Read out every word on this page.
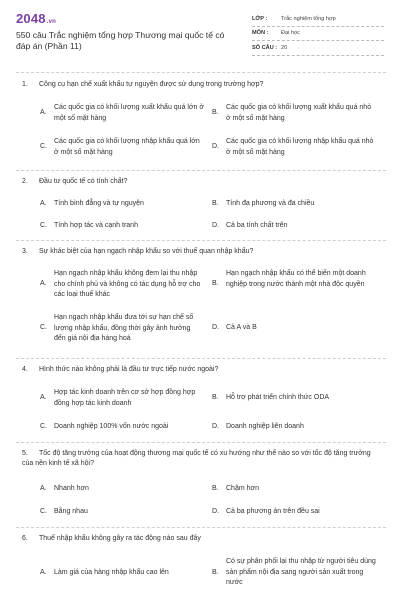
2048.vn
550 câu Trắc nghiệm tổng hợp Thương mại quốc tế có đáp án (Phần 11)
LỚP :	Trắc nghiệm tổng hợp
MÔN :	Đại học
SỐ CÂU : 20
1. Công cụ hạn chế xuất khẩu tự nguyện được sử dụng trong trường hợp?
A.
Các quốc gia có khối lượng xuất khẩu quá lớn ở một số mặt hàng
B.
Các quốc gia có khối lượng xuất khẩu quá nhỏ ở một số mặt hàng
C.
Các quốc gia có khối lượng nhập khẩu quá lớn ở một số mặt hàng
D.
Các quốc gia có khối lượng nhập khẩu quá nhỏ ở một số mặt hàng
2. Đầu tư quốc tế có tính chất?
A.	Tính bình đẳng và tự nguyện	B.	Tính đa phương và đa chiều
C.	Tính hợp tác và cạnh tranh	D.	Cả ba tính chất trên
3. Sự khác biệt của hạn ngạch nhập khẩu so với thuế quan nhập khẩu?
A.
Hạn ngạch nhập khẩu không đem lại thu nhập cho chính phủ và không có tác dụng hỗ trợ cho các loại thuế khác
B.
Hạn ngạch nhập khẩu có thể biến một doanh nghiệp trong nước thành một nhà độc quyền
C.
Hạn ngạch nhập khẩu đưa tới sự hạn chế số lượng nhập khẩu, đồng thời gây ảnh hưởng đến giá nội địa hàng hoá
D.	Cả A và B
4. Hình thức nào không phải là đầu tư trực tiếp nước ngoài?
A.
Hợp tác kinh doanh trên cơ sở hợp đồng hợp đồng hợp tác kinh doanh
B.	Hỗ trợ phát triển chính thức ODA
C.	Doanh nghiệp 100% vốn nước ngoài	D.	Doanh nghiệp liên doanh
5. Tốc độ tăng trưởng của hoạt động thương mại quốc tế có xu hướng như thế nào so với tốc độ tăng trưởng của nền kinh tế xã hội?
A.	Nhanh hơn	B.	Chậm hơn
C.	Bằng nhau	D.	Cả ba phương án trên đều sai
6. Thuế nhập khẩu không gây ra tác động nào sau đây
A.	Làm giá của hàng nhập khẩu cao lên	B.
Có sự phân phối lại thu nhập từ người tiêu dùng sản phẩm nội địa sang người sản xuất trong nước
